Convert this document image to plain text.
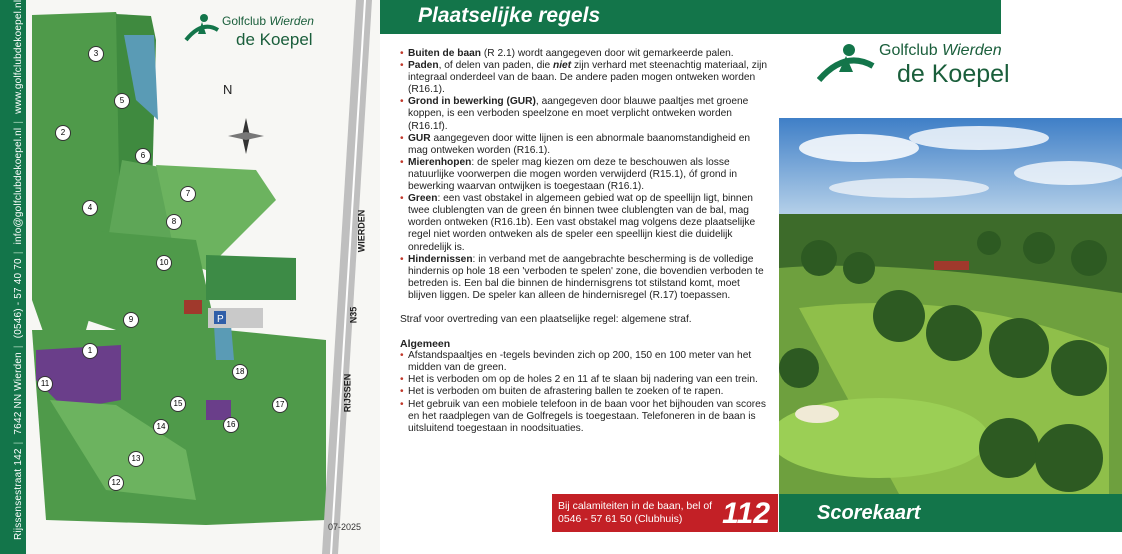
Rijssensestraat 142| 7642 NN Wierden| (0546) - 57 40 70| info@golfclubdekoepel.nl| www.golfclubdekoepel.nl
P
Golfclub Wierden
de Koepel
N
WIERDEN
N35
RIJSSEN
1
2
3
4
5
6
7
8
9
10
11
12
13
14
15
16
17
18
07-2025
Plaatselijke regels
• Buiten de baan (R 2.1) wordt aangegeven door wit gemarkeerde palen.
• Paden, of delen van paden, die niet zijn verhard met steenachtig materiaal, zijn integraal onderdeel van de baan. De andere paden mogen ontweken worden (R16.1).
• Grond in bewerking (GUR), aangegeven door blauwe paaltjes met groene koppen, is een verboden speelzone en moet verplicht ontweken worden (R16.1f).
• GUR aangegeven door witte lijnen is een abnormale baanomstandigheid en mag ontweken worden (R16.1).
• Mierenhopen: de speler mag kiezen om deze te beschouwen als losse natuurlijke voorwerpen die mogen worden verwijderd (R15.1), óf grond in bewerking waarvan ontwijken is toegestaan (R16.1).
• Green: een vast obstakel in algemeen gebied wat op de speellijn ligt, binnen twee clublengten van de green én binnen twee clublengten van de bal, mag worden ontweken (R16.1b). Een vast obstakel mag volgens deze plaatselijke regel niet worden ontweken als de speler een speellijn kiest die duidelijk onredelijk is.
• Hindernissen: in verband met de aangebrachte bescherming is de volledige hindernis op hole 18 een 'verboden te spelen' zone, die bovendien verboden te betreden is. Een bal die binnen de hindernisgrens tot stilstand komt, moet blijven liggen. De speler kan alleen de hindernisregel (R.17) toepassen.

Straf voor overtreding van een plaatselijke regel: algemene straf.

Algemeen
• Afstandspaaltjes en -tegels bevinden zich op 200, 150 en 100 meter van het midden van de green.
• Het is verboden om op de holes 2 en 11 af te slaan bij nadering van een trein.
• Het is verboden om buiten de afrastering ballen te zoeken of te rapen.
• Het gebruik van een mobiele telefoon in de baan voor het bijhouden van scores en het raadplegen van de Golfregels is toegestaan. Telefoneren in de baan is uitsluitend toegestaan in noodsituaties.
Bij calamiteiten in de baan, bel of 0546 - 57 61 50 (Clubhuis)	112
Golfclub Wierden
de Koepel
Scorekaart
